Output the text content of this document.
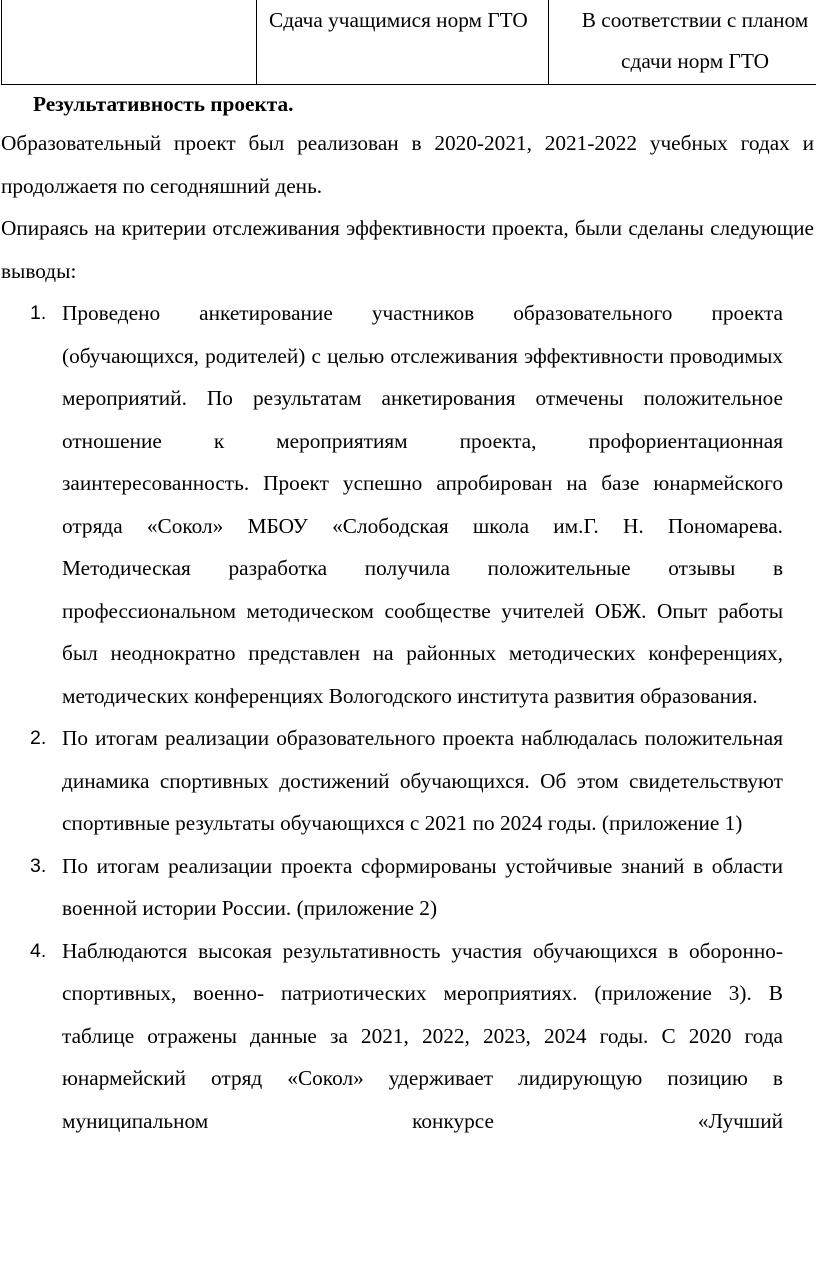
	Сдача учащимися норм ГТО	В соответствии с планом сдачи норм ГТО

Результативность проекта.

Образовательный проект был реализован в 2020-2021, 2021-2022 учебных годах и продолжаетя по сегодняшний день.

Опираясь на критерии отслеживания эффективности проекта, были сделаны следующие выводы:

1. Проведено анкетирование участников образовательного проекта (обучающихся, родителей) с целью отслеживания эффективности проводимых мероприятий. По результатам анкетирования отмечены положительное отношение к мероприятиям проекта, профориентационная заинтересованность. Проект успешно апробирован на базе юнармейского отряда «Сокол» МБОУ «Слободская школа им.Г. Н. Пономарева. Методическая разработка получила положительные отзывы в профессиональном методическом сообществе учителей ОБЖ. Опыт работы был неоднократно представлен на районных методических конференциях, методических конференциях Вологодского института развития образования.

2. По итогам реализации образовательного проекта наблюдалась положительная динамика спортивных достижений обучающихся. Об этом свидетельствуют спортивные результаты обучающихся с 2021 по 2024 годы. (приложение 1)

3. По итогам реализации проекта сформированы устойчивые знаний в области военной истории России. (приложение 2)

4. Наблюдаются высокая результативность участия обучающихся в оборонно- спортивных, военно- патриотических мероприятиях. (приложение 3). В таблице отражены данные за 2021, 2022, 2023, 2024 годы. С 2020 года юнармейский отряд «Сокол» удерживает лидирующую позицию в муниципальном конкурсе «Лучший
